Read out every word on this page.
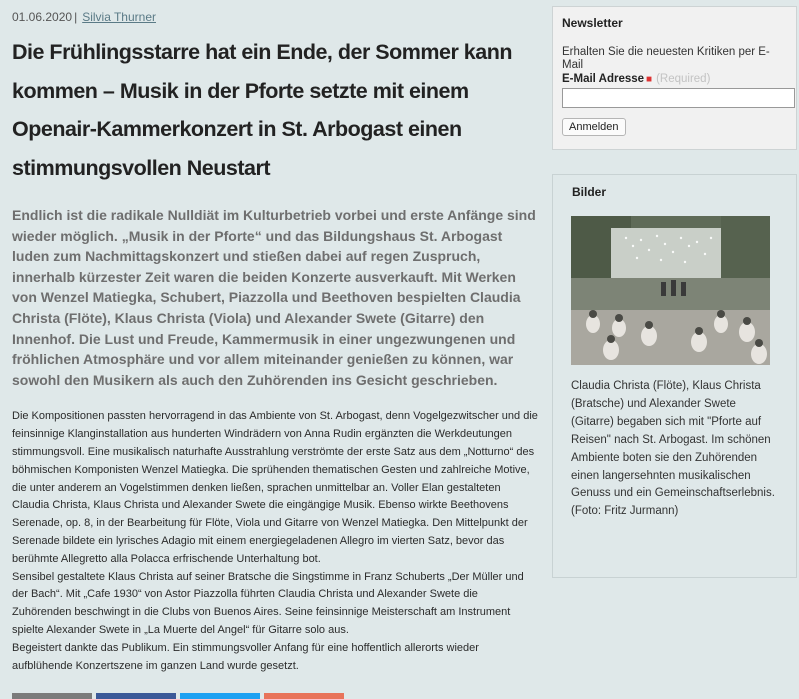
01.06.2020 | Silvia Thurner
Die Frühlingsstarre hat ein Ende, der Sommer kann kommen – Musik in der Pforte setzte mit einem Openair-Kammerkonzert in St. Arbogast einen stimmungsvollen Neustart

Endlich ist die radikale Nulldiät im Kulturbetrieb vorbei und erste Anfänge sind wieder möglich. „Musik in der Pforte“ und das Bildungshaus St. Arbogast luden zum Nachmittagskonzert und stießen dabei auf regen Zuspruch, innerhalb kürzester Zeit waren die beiden Konzerte ausverkauft. Mit Werken von Wenzel Matiegka, Schubert, Piazzolla und Beethoven bespielten Claudia Christa (Flöte), Klaus Christa (Viola) und Alexander Swete (Gitarre) den Innenhof. Die Lust und Freude, Kammermusik in einer ungezwungenen und fröhlichen Atmosphäre und vor allem miteinander genießen zu können, war sowohl den Musikern als auch den Zuhörenden ins Gesicht geschrieben.

Die Kompositionen passten hervorragend in das Ambiente von St. Arbogast, denn Vogelgezwitscher und die feinsinnige Klanginstallation aus hunderten Windrädern von Anna Rudin ergänzten die Werkdeutungen stimmungsvoll. Eine musikalisch naturhafte Ausstrahlung verströmte der erste Satz aus dem „Notturno“ des böhmischen Komponisten Wenzel Matiegka. Die sprühenden thematischen Gesten und zahlreiche Motive, die unter anderem an Vogelstimmen denken ließen, sprachen unmittelbar an. Voller Elan gestalteten Claudia Christa, Klaus Christa und Alexander Swete die eingängige Musik. Ebenso wirkte Beethovens Serenade, op. 8, in der Bearbeitung für Flöte, Viola und Gitarre von Wenzel Matiegka. Den Mittelpunkt der Serenade bildete ein lyrisches Adagio mit einem energiegeladenen Allegro im vierten Satz, bevor das berühmte Allegretto alla Polacca erfrischende Unterhaltung bot.

Sensibel gestaltete Klaus Christa auf seiner Bratsche die Singstimme in Franz Schuberts „Der Müller und der Bach“. Mit „Cafe 1930“ von Astor Piazzolla führten Claudia Christa und Alexander Swete die Zuhörenden beschwingt in die Clubs von Buenos Aires. Seine feinsinnige Meisterschaft am Instrument spielte Alexander Swete in „La Muerte del Angel“ für Gitarre solo aus.

Begeistert dankte das Publikum. Ein stimmungsvoller Anfang für eine hoffentlich allerorts wieder aufblühende Konzertszene im ganzen Land wurde gesetzt.

Newsletter
Erhalten Sie die neuesten Kritiken per E-Mail
E-Mail Adresse ■ (Required)
Anmelden
Bilder

Claudia Christa (Flöte), Klaus Christa (Bratsche) und Alexander Swete (Gitarre) begaben sich mit "Pforte auf Reisen" nach St. Arbogast. Im schönen Ambiente boten sie den Zuhörenden einen langersehnten musikalischen Genuss und ein Gemeinschaftserlebnis. (Foto: Fritz Jurmann)
